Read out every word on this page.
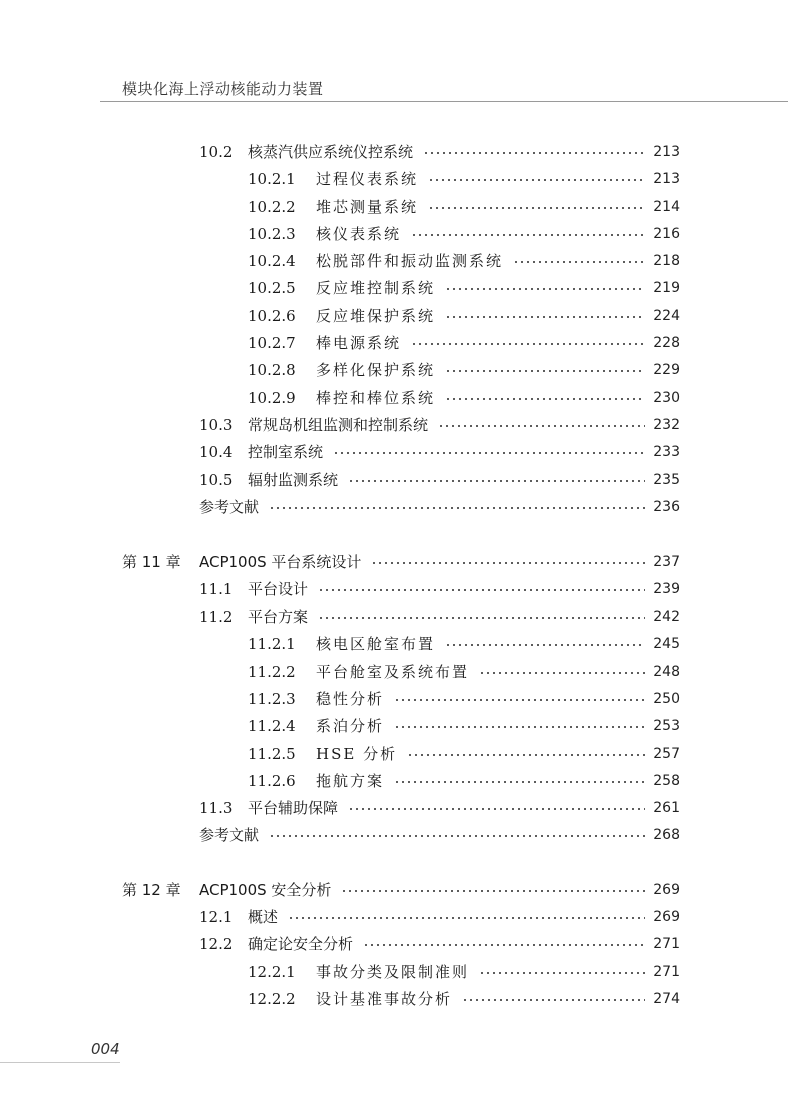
模块化海上浮动核能动力装置
10.2 核蒸汽供应系统仪控系统	213
10.2.1 过程仪表系统	213
10.2.2 堆芯测量系统	214
10.2.3 核仪表系统	216
10.2.4 松脱部件和振动监测系统	218
10.2.5 反应堆控制系统	219
10.2.6 反应堆保护系统	224
10.2.7 棒电源系统	228
10.2.8 多样化保护系统	229
10.2.9 棒控和棒位系统	230
10.3 常规岛机组监测和控制系统	232
10.4 控制室系统	233
10.5 辐射监测系统	235
参考文献	236
第 11 章 ACP100S 平台系统设计	237
11.1 平台设计	239
11.2 平台方案	242
11.2.1 核电区舱室布置	245
11.2.2 平台舱室及系统布置	248
11.2.3 稳性分析	250
11.2.4 系泊分析	253
11.2.5 HSE 分析	257
11.2.6 拖航方案	258
11.3 平台辅助保障	261
参考文献	268
第 12 章 ACP100S 安全分析	269
12.1 概述	269
12.2 确定论安全分析	271
12.2.1 事故分类及限制准则	271
12.2.2 设计基准事故分析	274
004
